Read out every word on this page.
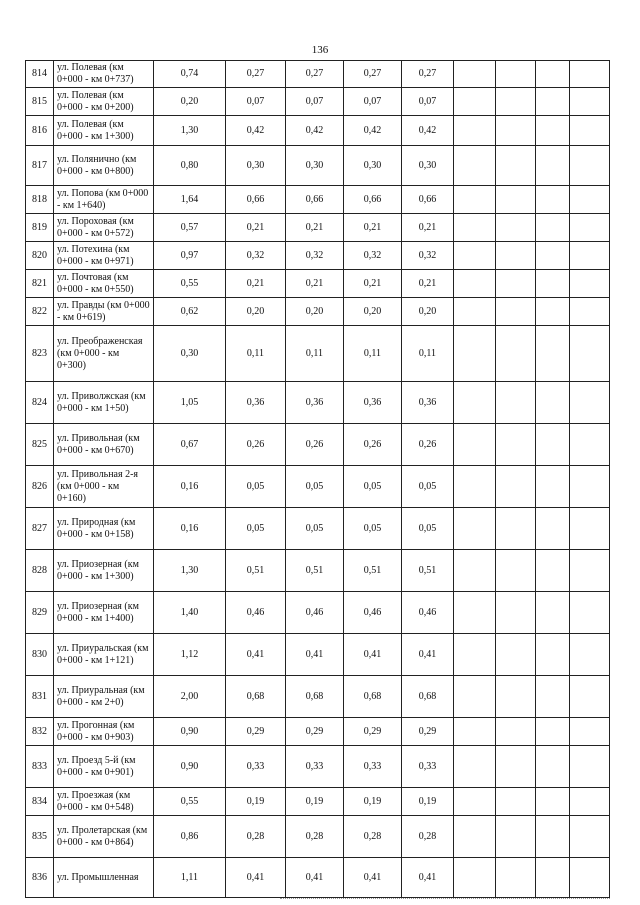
136
814	ул. Полевая (км 0+000 - км 0+737)	0,74	0,27	0,27	0,27	0,27				
815	ул. Полевая (км 0+000 - км 0+200)	0,20	0,07	0,07	0,07	0,07				
816	ул. Полевая (км 0+000 - км 1+300)	1,30	0,42	0,42	0,42	0,42				
817	ул. Полянично (км 0+000 - км 0+800)	0,80	0,30	0,30	0,30	0,30				
818	ул. Попова (км 0+000 - км 1+640)	1,64	0,66	0,66	0,66	0,66				
819	ул. Пороховая (км 0+000 - км 0+572)	0,57	0,21	0,21	0,21	0,21				
820	ул. Потехина (км 0+000 - км 0+971)	0,97	0,32	0,32	0,32	0,32				
821	ул. Почтовая (км 0+000 - км 0+550)	0,55	0,21	0,21	0,21	0,21				
822	ул. Правды (км 0+000 - км 0+619)	0,62	0,20	0,20	0,20	0,20				
823	ул. Преображенская (км 0+000 - км 0+300)	0,30	0,11	0,11	0,11	0,11				
824	ул. Приволжская (км 0+000 - км 1+50)	1,05	0,36	0,36	0,36	0,36				
825	ул. Привольная (км 0+000 - км 0+670)	0,67	0,26	0,26	0,26	0,26				
826	ул. Привольная 2-я (км 0+000 - км 0+160)	0,16	0,05	0,05	0,05	0,05				
827	ул. Природная (км 0+000 - км 0+158)	0,16	0,05	0,05	0,05	0,05				
828	ул. Приозерная (км 0+000 - км 1+300)	1,30	0,51	0,51	0,51	0,51				
829	ул. Приозерная (км 0+000 - км 1+400)	1,40	0,46	0,46	0,46	0,46				
830	ул. Приуральская (км 0+000 - км 1+121)	1,12	0,41	0,41	0,41	0,41				
831	ул. Приуральная (км 0+000 - км 2+0)	2,00	0,68	0,68	0,68	0,68				
832	ул. Прогонная (км 0+000 - км 0+903)	0,90	0,29	0,29	0,29	0,29				
833	ул. Проезд 5-й (км 0+000 - км 0+901)	0,90	0,33	0,33	0,33	0,33				
834	ул. Проезжая (км 0+000 - км 0+548)	0,55	0,19	0,19	0,19	0,19				
835	ул. Пролетарская (км 0+000 - км 0+864)	0,86	0,28	0,28	0,28	0,28				
836	ул. Промышленная	1,11	0,41	0,41	0,41	0,41				
